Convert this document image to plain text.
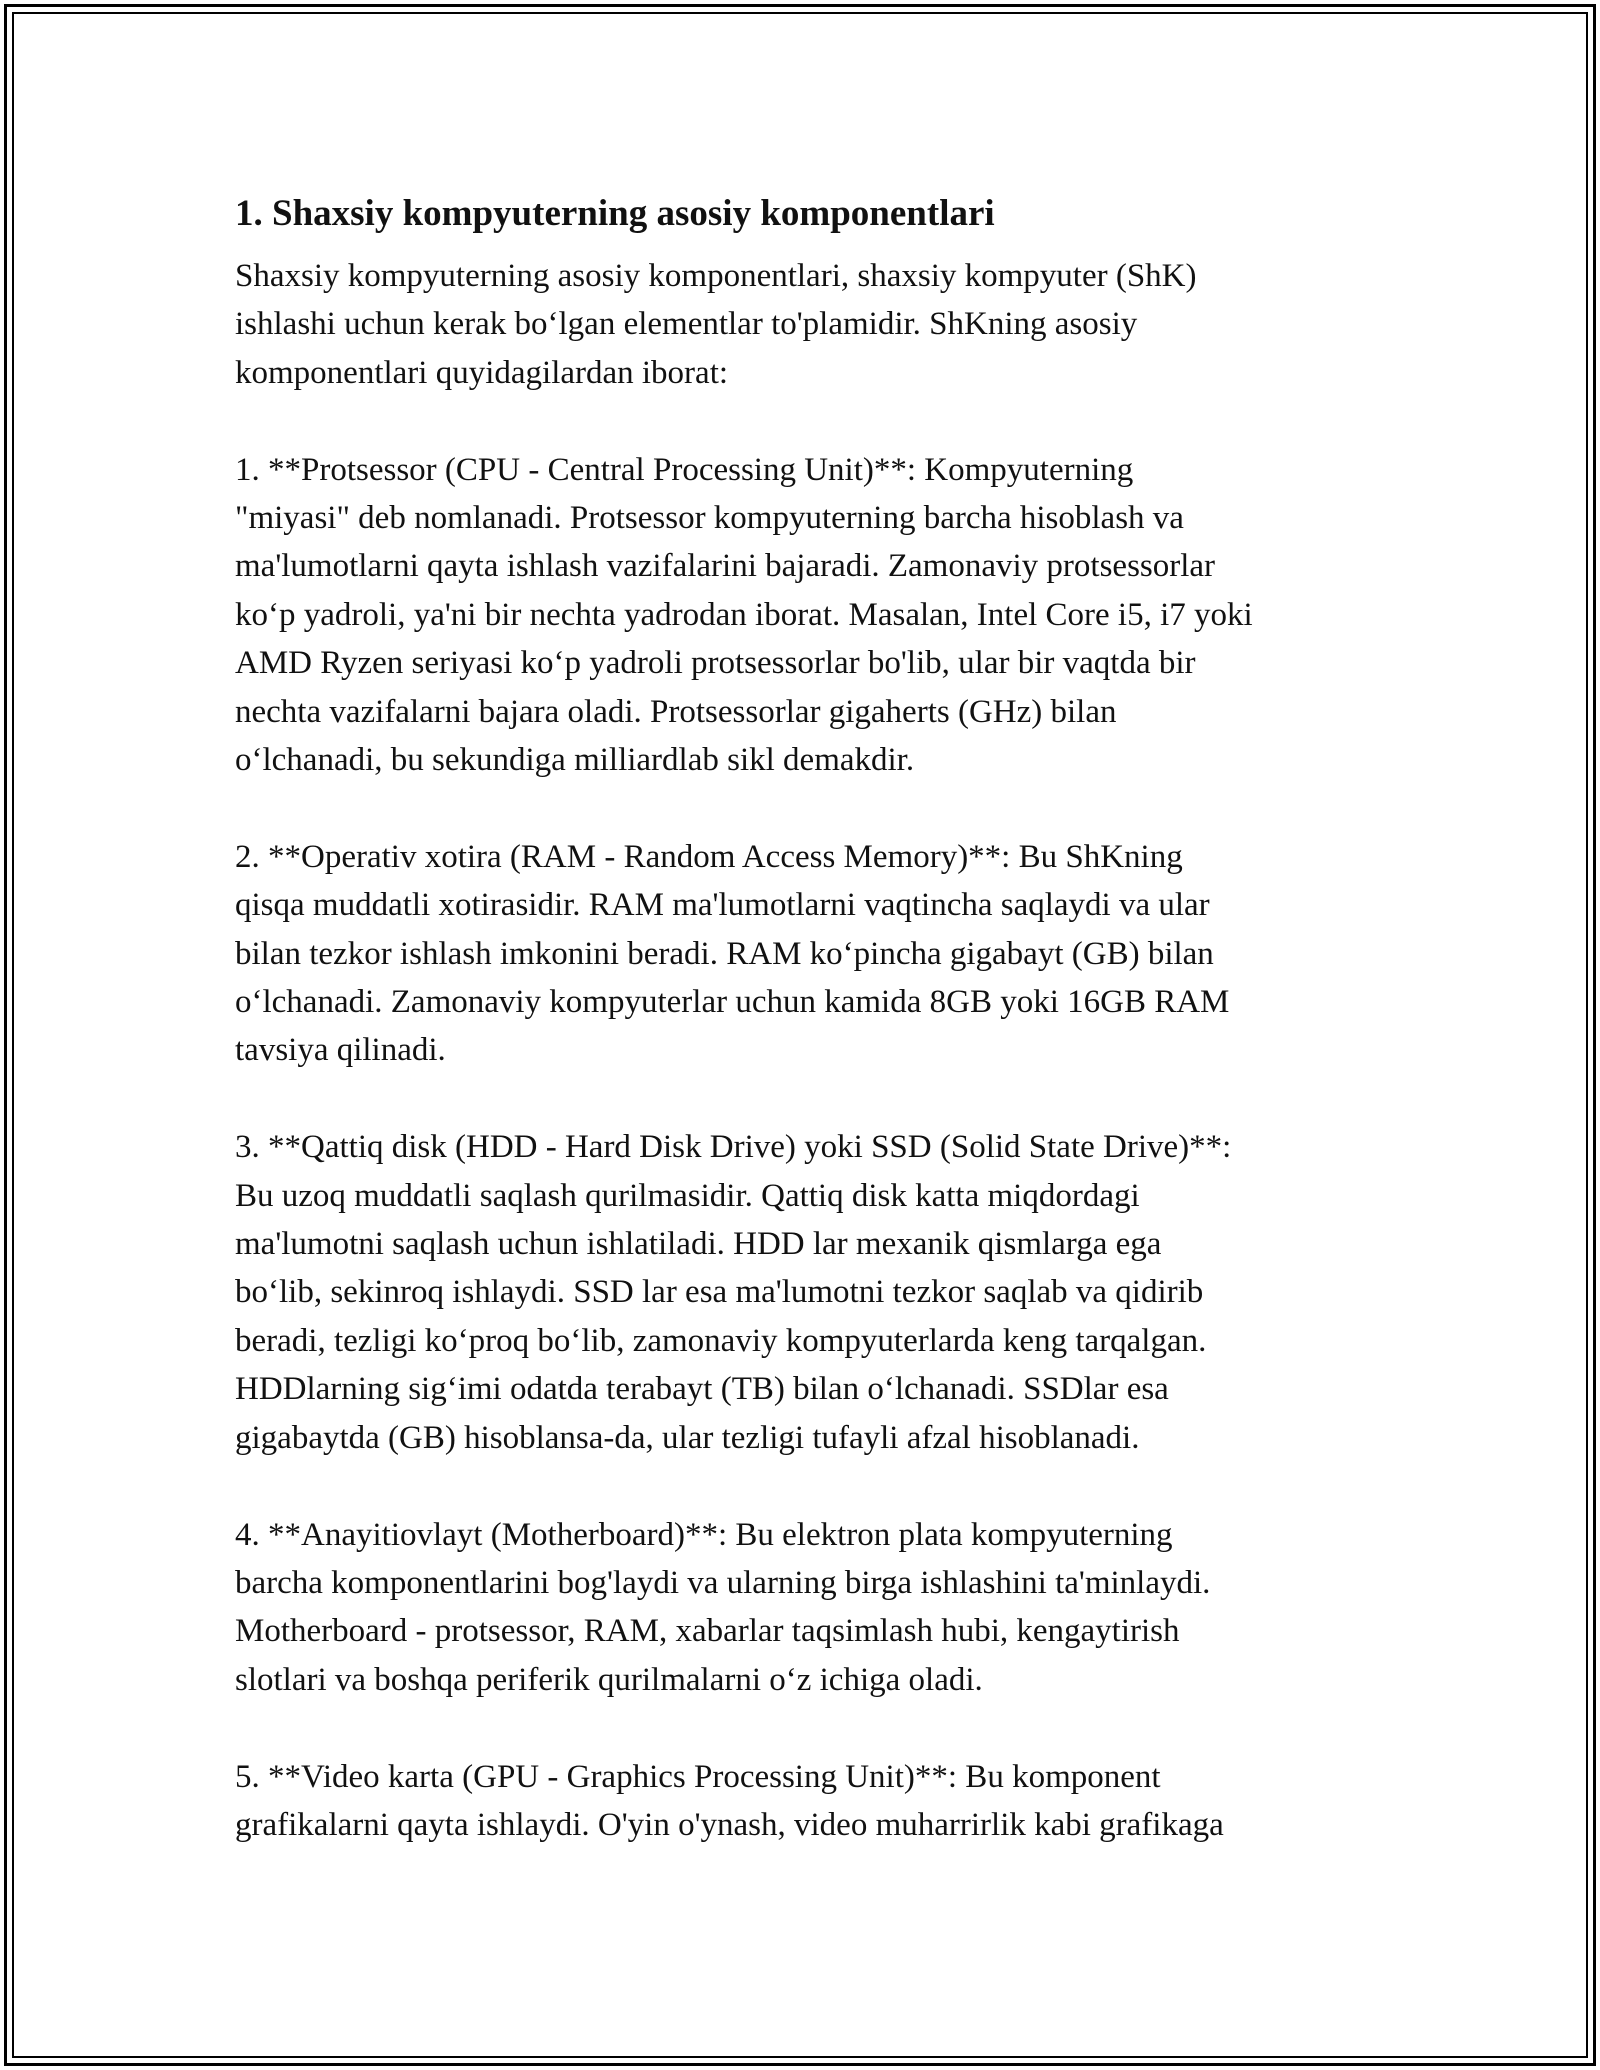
1. Shaxsiy kompyuterning asosiy komponentlari

Shaxsiy kompyuterning asosiy komponentlari, shaxsiy kompyuter (ShK)
ishlashi uchun kerak bo‘lgan elementlar to'plamidir. ShKning asosiy
komponentlari quyidagilardan iborat:

1. **Protsessor (CPU - Central Processing Unit)**: Kompyuterning
"miyasi" deb nomlanadi. Protsessor kompyuterning barcha hisoblash va
ma'lumotlarni qayta ishlash vazifalarini bajaradi. Zamonaviy protsessorlar
ko‘p yadroli, ya'ni bir nechta yadrodan iborat. Masalan, Intel Core i5, i7 yoki
AMD Ryzen seriyasi ko‘p yadroli protsessorlar bo'lib, ular bir vaqtda bir
nechta vazifalarni bajara oladi. Protsessorlar gigaherts (GHz) bilan
o‘lchanadi, bu sekundiga milliardlab sikl demakdir.

2. **Operativ xotira (RAM - Random Access Memory)**: Bu ShKning
qisqa muddatli xotirasidir. RAM ma'lumotlarni vaqtincha saqlaydi va ular
bilan tezkor ishlash imkonini beradi. RAM ko‘pincha gigabayt (GB) bilan
o‘lchanadi. Zamonaviy kompyuterlar uchun kamida 8GB yoki 16GB RAM
tavsiya qilinadi.

3. **Qattiq disk (HDD - Hard Disk Drive) yoki SSD (Solid State Drive)**:
Bu uzoq muddatli saqlash qurilmasidir. Qattiq disk katta miqdordagi
ma'lumotni saqlash uchun ishlatiladi. HDD lar mexanik qismlarga ega
bo‘lib, sekinroq ishlaydi. SSD lar esa ma'lumotni tezkor saqlab va qidirib
beradi, tezligi ko‘proq bo‘lib, zamonaviy kompyuterlarda keng tarqalgan.
HDDlarning sig‘imi odatda terabayt (TB) bilan o‘lchanadi. SSDlar esa
gigabaytda (GB) hisoblansa-da, ular tezligi tufayli afzal hisoblanadi.

4. **Anayitiovlayt (Motherboard)**: Bu elektron plata kompyuterning
barcha komponentlarini bog'laydi va ularning birga ishlashini ta'minlaydi.
Motherboard - protsessor, RAM, xabarlar taqsimlash hubi, kengaytirish
slotlari va boshqa periferik qurilmalarni o‘z ichiga oladi.

5. **Video karta (GPU - Graphics Processing Unit)**: Bu komponent
grafikalarni qayta ishlaydi. O'yin o'ynash, video muharrirlik kabi grafikaga
